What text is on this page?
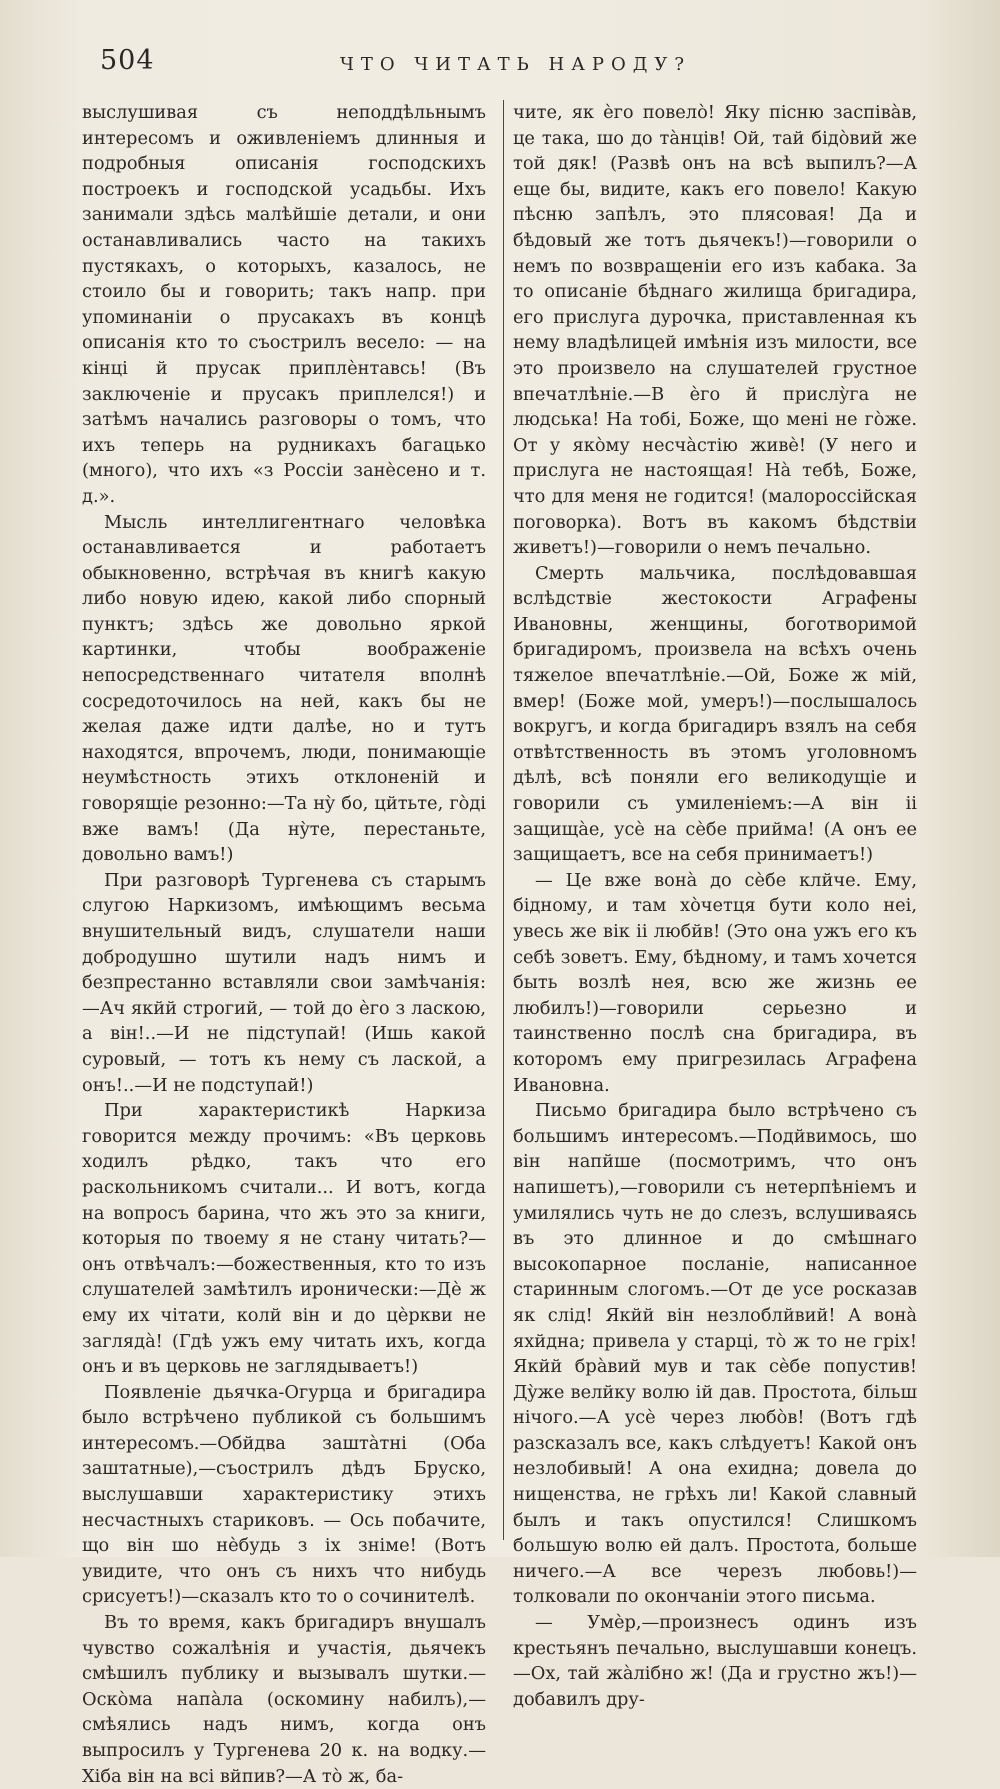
504	ЧТО ЧИТАТЬ НАРОДУ?

выслушивая съ неподдѣльнымъ интересомъ и оживленіемъ длинныя и подробныя описанія господскихъ построекъ и господской усадьбы. Ихъ занимали здѣсь малѣйшіе детали, и они останавливались часто на такихъ пустякахъ, о которыхъ, казалось, не стоило бы и говорить; такъ напр. при упоминаніи о прусакахъ въ концѣ описанія кто то съострилъ весело: — на кінці й прусак приплѐнтавсь! (Въ заключеніе и прусакъ приплелся!) и затѣмъ начались разговоры о томъ, что ихъ теперь на рудникахъ багацько (много), что ихъ «з Россіи занѐсено и т. д.».

Мысль интеллигентнаго человѣка останавливается и работаетъ обыкновенно, встрѣчая въ книгѣ какую либо новую идею, какой либо спорный пунктъ; здѣсь же довольно яркой картинки, чтобы воображеніе непосредственнаго читателя вполнѣ сосредоточилось на ней, какъ бы не желая даже идти далѣе, но и тутъ находятся, впрочемъ, люди, понимающіе неумѣстность этихъ отклоненій и говорящіе резонно:—Та нỳ бо, цйтьте, гòдi вже вамъ! (Да нỳте, перестаньте, довольно вамъ!)

При разговорѣ Тургенева съ старымъ слугою Наркизомъ, имѣющимъ весьма внушительный видъ, слушатели наши добродушно шутили надъ нимъ и безпрестанно вставляли свои замѣчанія:—Ач якйй строгий, — той до ѐго з ласкою, а вiн!..—И не пiдступай! (Ишь какой суровый, — тотъ къ нему съ лаской, а онъ!..—И не подступай!)

При характеристикѣ Наркиза говорится между прочимъ: «Въ церковь ходилъ рѣдко, такъ что его раскольникомъ считали... И вотъ, когда на вопросъ барина, что жъ это за книги, которыя по твоему я не стану читать?—онъ отвѣчалъ:—божественныя, кто то изъ слушателей замѣтилъ иронически:—Дѐ ж ему их чітати, колй вiн и до цѐркви не заглядà! (Гдѣ ужъ ему читать ихъ, когда онъ и въ церковь не заглядываетъ!)

Появленіе дьячка-Огурца и бригадира было встрѣчено публикой съ большимъ интересомъ.—Обйдва заштàтнi (Оба заштатные),—съострилъ дѣдъ Бруско, выслушавши характеристику этихъ несчастныхъ стариковъ. — Ось побачите, що вiн шо нѐбудь з iх знiме! (Вотъ увидите, что онъ съ нихъ что нибудь срисуетъ!)—сказалъ кто то о сочинителѣ.

Въ то время, какъ бригадиръ внушалъ чувство сожалѣнія и участія, дьячекъ смѣшилъ публику и вызывалъ шутки.—Оскòма напàла (оскомину набилъ),—смѣялись надъ нимъ, когда онъ выпросилъ у Тургенева 20 к. на водку.—Хiба вiн на всi вйпив?—А тò ж, ба-

чите, як ѐго повелò! Яку пiсню заспiвàв, це така, шо до тàнцiв! Ой, тай бiдòвий же той дяк! (Развѣ онъ на всѣ выпилъ?—А еще бы, видите, какъ его повело! Какую пѣсню запѣлъ, это плясовая! Да и бѣдовый же тотъ дьячекъ!)—говорили о немъ по возвращеніи его изъ кабака. За то описаніе бѣднаго жилища бригадира, его прислуга дурочка, приставленная къ нему владѣлицей имѣнія изъ милости, все это произвело на слушателей грустное впечатлѣніе.—В ѐго й прислỳга не людська! На тобi, Боже, що менi не гòже. От у якòму несчàстiю живѐ! (У него и прислуга не настоящая! Нà тебѣ, Боже, что для меня не годится! (малороссійская поговорка). Вотъ въ какомъ бѣдствіи живетъ!)—говорили о немъ печально.

Смерть мальчика, послѣдовавшая вслѣдствіе жестокости Аграфены Ивановны, женщины, боготворимой бригадиромъ, произвела на всѣхъ очень тяжелое впечатлѣніе.—Ой, Боже ж мiй, вмер! (Боже мой, умеръ!)—послышалось вокругъ, и когда бригадиръ взялъ на себя отвѣтственность въ этомъ уголовномъ дѣлѣ, всѣ поняли его великодущіе и говорили съ умиленіемъ:—А вiн ii защищàе, усѐ на сѐбе прийма! (А онъ ее защищаетъ, все на себя принимаетъ!)

— Це вже вонà до сѐбе клйче. Ему, бiдному, и там хòчетця бути коло неi, увесь же вiк ii любйв! (Это она ужъ его къ себѣ зоветъ. Ему, бѣдному, и тамъ хочется быть возлѣ нея, всю же жизнь ее любилъ!)—говорили серьезно и таинственно послѣ сна бригадира, въ которомъ ему пригрезилась Аграфена Ивановна.

Письмо бригадира было встрѣчено съ большимъ интересомъ.—Подйвимось, шо вiн напйше (посмотримъ, что онъ напишетъ),—говорили съ нетерпѣніемъ и умилялись чуть не до слезъ, вслушиваясь въ это длинное и до смѣшнаго высокопарное посланіе, написанное старинным слогомъ.—От де усе росказав як слiд! Якйй вiн незлоблйвий! А вонà яхйдна; привела у старцi, тò ж то не грiх! Якйй брàвий мув и так сѐбе попустив! Дỳже велйку волю iй дав. Простота, бiльш нiчого.—А усѐ через любòв! (Вотъ гдѣ разсказалъ все, какъ слѣдуетъ! Какой онъ незлобивый! А она ехидна; довела до нищенства, не грѣхъ ли! Какой славный былъ и такъ опустился! Слишкомъ большую волю ей далъ. Простота, больше ничего.—А все черезъ любовь!)—толковали по окончаніи этого письма.

— Умѐр,—произнесъ одинъ изъ крестьянъ печально, выслушавши конецъ.—Ох, тай жàлiбно ж! (Да и грустно жъ!)—добавилъ дру-
